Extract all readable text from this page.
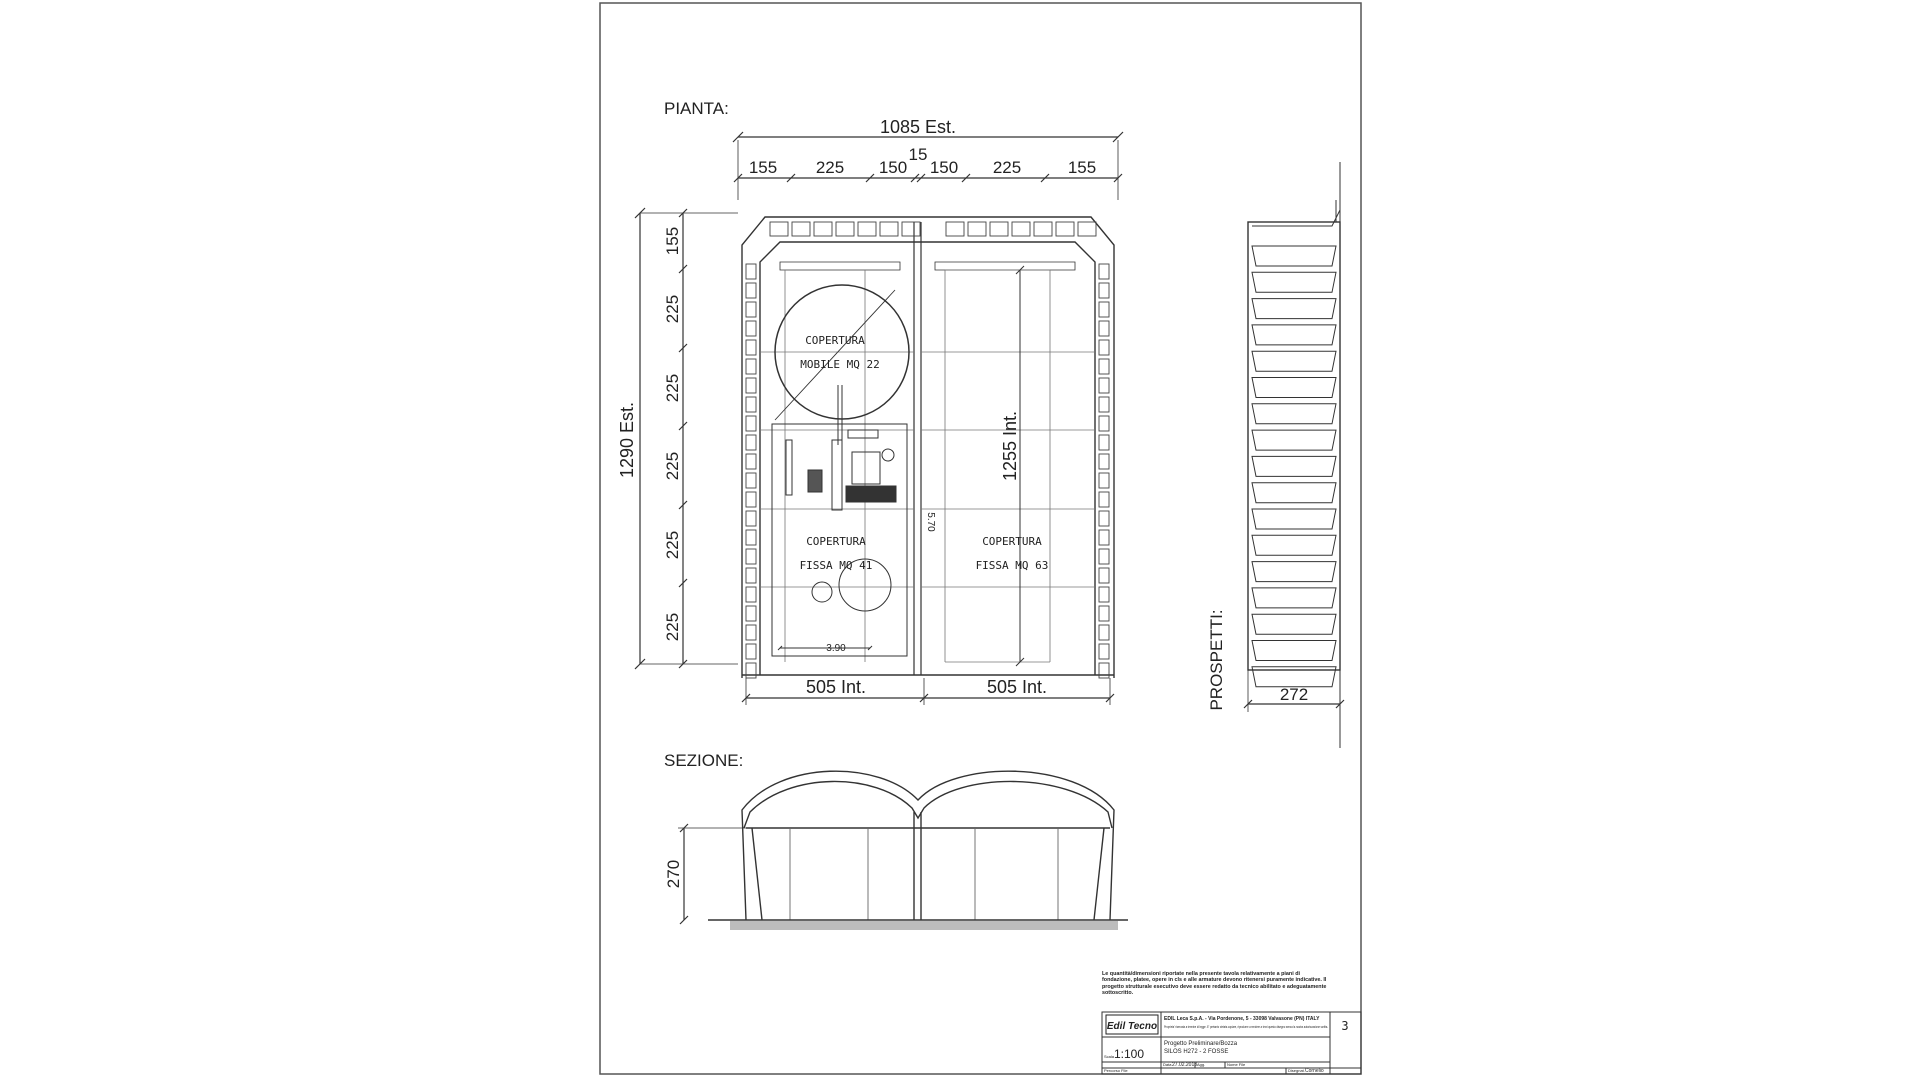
PIANTA:
1085 Est.
155 225 150
15
150 225	155
1290 Est.
155
225
225
225
225
225
COPERTURA
MOBILE MQ 22
3.90
5.70
COPERTURA
FISSA MQ 41
COPERTURA
FISSA MQ 63
1255 Int.
505 Int.	505 Int.	PROSPETTI:	272
SEZIONE:
270
Le quantità/dimensioni riportate nella presente tavola relativamente a piani di fondazione, platee, opere in cls e alle armature devono ritenersi puramente indicative. Il progetto strutturale esecutivo deve essere redatto da tecnico abilitato e adeguatamente sottoscritto.
Edil Tecno
EDIL Leca S.p.A. - Via Pordenone, 5 - 33098 Valvasone (PN) ITALY
Proprieta' riservata a termine di legge. E' pertanto vietata copiare, riprodurre a rendere a terzi questo disegno senza la nostra autorizzazione scritta. 3
Progetto Preliminare/Bozza
SILOS H272 - 2 FOSSE
Scala 1:100
Data 27.02.2013 Agg.	Nome File
Percorso File	Disegnat. Cornelio
